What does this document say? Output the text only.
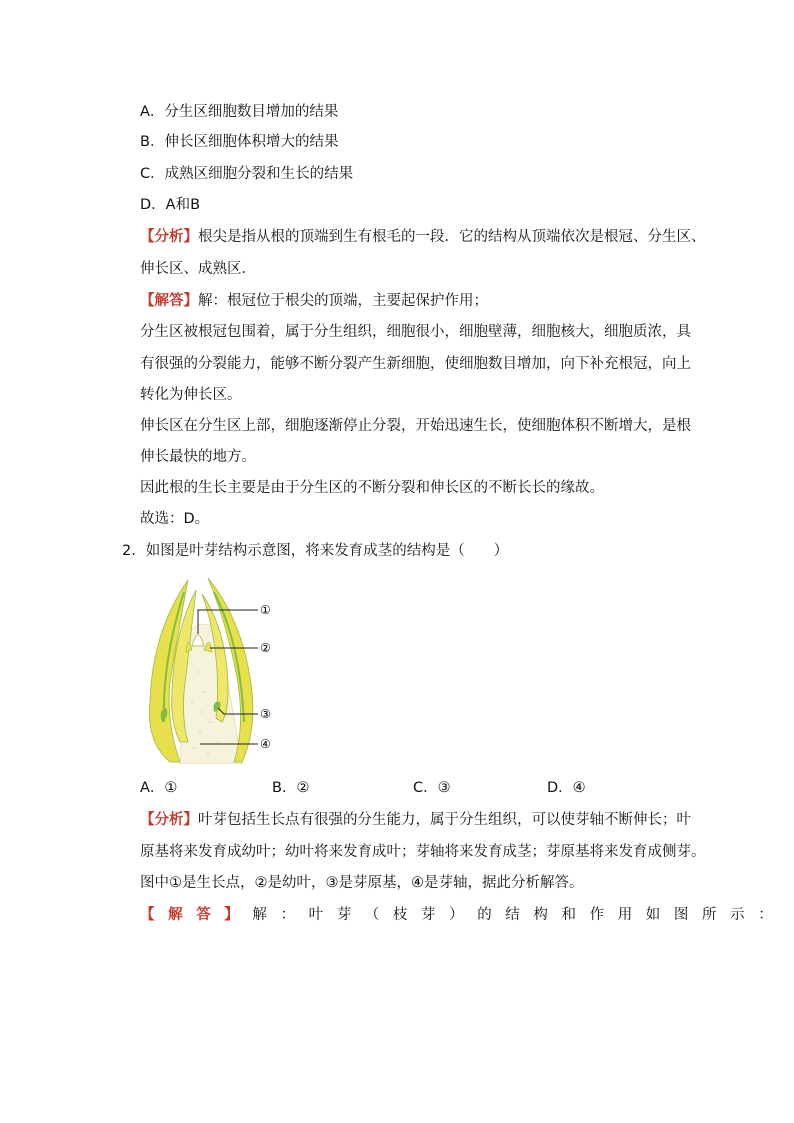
A．分生区细胞数目增加的结果
B．伸长区细胞体积增大的结果
C．成熟区细胞分裂和生长的结果
D．A和B
【分析】根尖是指从根的顶端到生有根毛的一段．它的结构从顶端依次是根冠、分生区、
伸长区、成熟区．
【解答】解：根冠位于根尖的顶端，主要起保护作用；
分生区被根冠包围着，属于分生组织，细胞很小，细胞壁薄，细胞核大，细胞质浓，具
有很强的分裂能力，能够不断分裂产生新细胞，使细胞数目增加，向下补充根冠，向上
转化为伸长区。
伸长区在分生区上部，细胞逐渐停止分裂，开始迅速生长，使细胞体积不断增大，是根
伸长最快的地方。
因此根的生长主要是由于分生区的不断分裂和伸长区的不断长长的缘故。
故选：D。
2．如图是叶芽结构示意图，将来发育成茎的结构是（　　）
①
②
③
④
A．①	B．②	C．③	D．④
【分析】叶芽包括生长点有很强的分生能力，属于分生组织，可以使芽轴不断伸长；叶
原基将来发育成幼叶；幼叶将来发育成叶；芽轴将来发育成茎；芽原基将来发育成侧芽。
图中①是生长点，②是幼叶，③是芽原基，④是芽轴，据此分析解答。
【解答】解：叶芽（枝芽）的结构和作用如图所示：
